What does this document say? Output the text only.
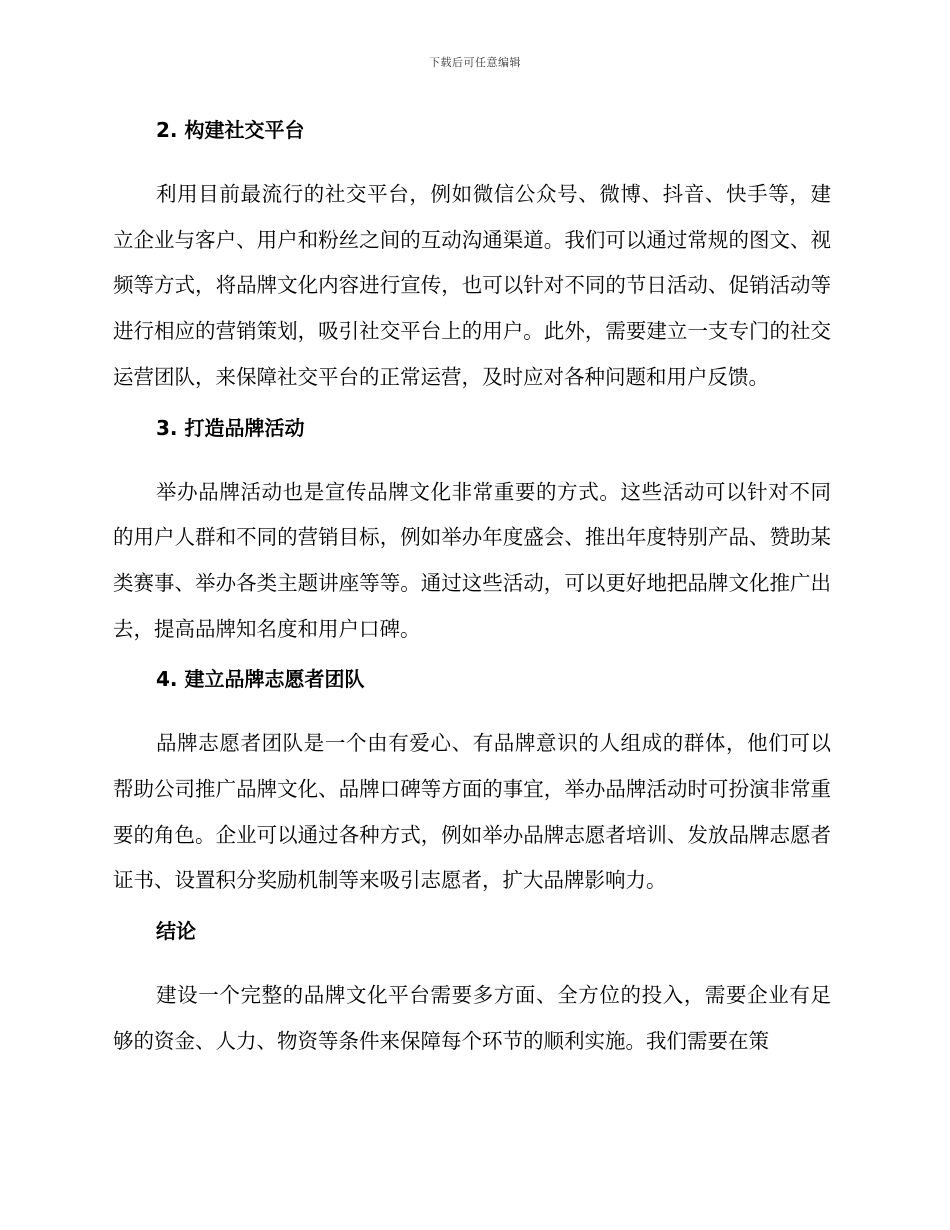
下载后可任意编辑
2. 构建社交平台

利用目前最流行的社交平台，例如微信公众号、微博、抖音、快手等，建立企业与客户、用户和粉丝之间的互动沟通渠道。我们可以通过常规的图文、视频等方式，将品牌文化内容进行宣传，也可以针对不同的节日活动、促销活动等进行相应的营销策划，吸引社交平台上的用户。此外，需要建立一支专门的社交运营团队，来保障社交平台的正常运营，及时应对各种问题和用户反馈。

3. 打造品牌活动

举办品牌活动也是宣传品牌文化非常重要的方式。这些活动可以针对不同的用户人群和不同的营销目标，例如举办年度盛会、推出年度特别产品、赞助某类赛事、举办各类主题讲座等等。通过这些活动，可以更好地把品牌文化推广出去，提高品牌知名度和用户口碑。

4. 建立品牌志愿者团队

品牌志愿者团队是一个由有爱心、有品牌意识的人组成的群体，他们可以帮助公司推广品牌文化、品牌口碑等方面的事宜，举办品牌活动时可扮演非常重要的角色。企业可以通过各种方式，例如举办品牌志愿者培训、发放品牌志愿者证书、设置积分奖励机制等来吸引志愿者，扩大品牌影响力。

结论

建设一个完整的品牌文化平台需要多方面、全方位的投入，需要企业有足够的资金、人力、物资等条件来保障每个环节的顺利实施。我们需要在策
